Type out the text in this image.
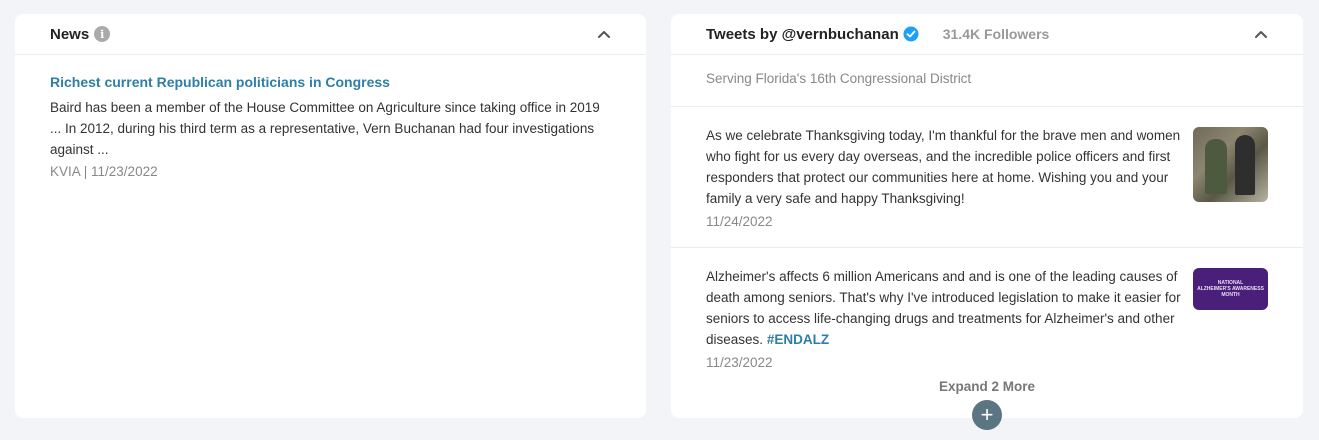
News i
Richest current Republican politicians in Congress
Baird has been a member of the House Committee on Agriculture since taking office in 2019 ... In 2012, during his third term as a representative, Vern Buchanan had four investigations against ...
KVIA | 11/23/2022
Tweets by @vernbuchanan	31.4K Followers
Serving Florida's 16th Congressional District
As we celebrate Thanksgiving today, I'm thankful for the brave men and women who fight for us every day overseas, and the incredible police officers and first responders that protect our communities here at home. Wishing you and your family a very safe and happy Thanksgiving!
11/24/2022
Alzheimer's affects 6 million Americans and and is one of the leading causes of death among seniors. That's why I've introduced legislation to make it easier for seniors to access life-changing drugs and treatments for Alzheimer's and other diseases. #ENDALZ
11/23/2022
NATIONAL
ALZHEIMER'S AWARENESS
MONTH
Expand 2 More
+
